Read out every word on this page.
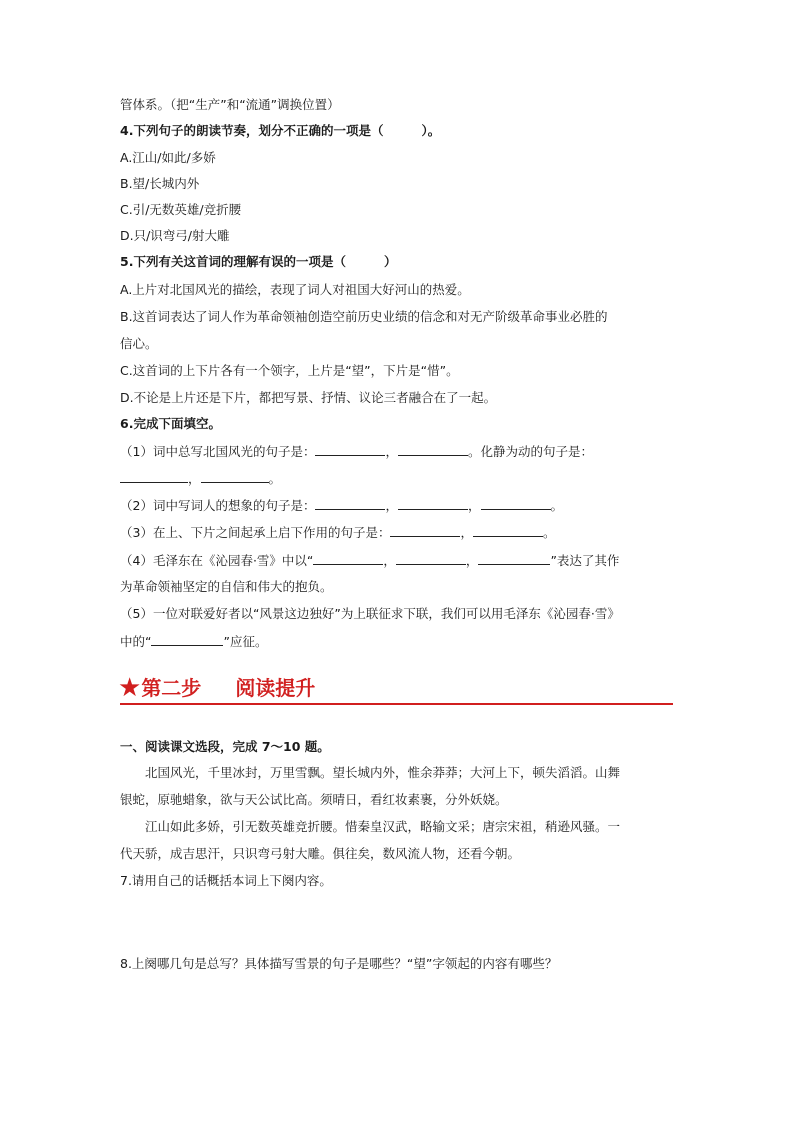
管体系。（把“生产”和“流通”调换位置）
4.下列句子的朗读节奏，划分不正确的一项是（	）。
A.江山/如此/多娇
B.望/长城内外
C.引/无数英雄/竞折腰
D.只/识弯弓/射大雕
5.下列有关这首词的理解有误的一项是（	）
A.上片对北国风光的描绘，表现了词人对祖国大好河山的热爱。
B.这首词表达了词人作为革命领袖创造空前历史业绩的信念和对无产阶级革命事业必胜的
信心。
C.这首词的上下片各有一个领字，上片是“望”，下片是“惜”。
D.不论是上片还是下片，都把写景、抒情、议论三者融合在了一起。
6.完成下面填空。
（1）词中总写北国风光的句子是：	，	。化静为动的句子是：
，	。
（2）词中写词人的想象的句子是：	，	，	。
（3）在上、下片之间起承上启下作用的句子是：	，	。
（4）毛泽东在《沁园春·雪》中以“	，	，	”表达了其作
为革命领袖坚定的自信和伟大的抱负。
（5）一位对联爱好者以“风景这边独好”为上联征求下联，我们可以用毛泽东《沁园春·雪》
中的“	”应征。
★第二步 阅读提升
一、阅读课文选段，完成 7～10 题。
北国风光，千里冰封，万里雪飘。望长城内外，惟余莽莽；大河上下，顿失滔滔。山舞
银蛇，原驰蜡象，欲与天公试比高。须晴日，看红妆素裹，分外妖娆。
江山如此多娇，引无数英雄竞折腰。惜秦皇汉武，略输文采；唐宗宋祖，稍逊风骚。一
代天骄，成吉思汗，只识弯弓射大雕。俱往矣，数风流人物，还看今朝。
7.请用自己的话概括本词上下阕内容。
8.上阕哪几句是总写？具体描写雪景的句子是哪些？“望”字领起的内容有哪些？
